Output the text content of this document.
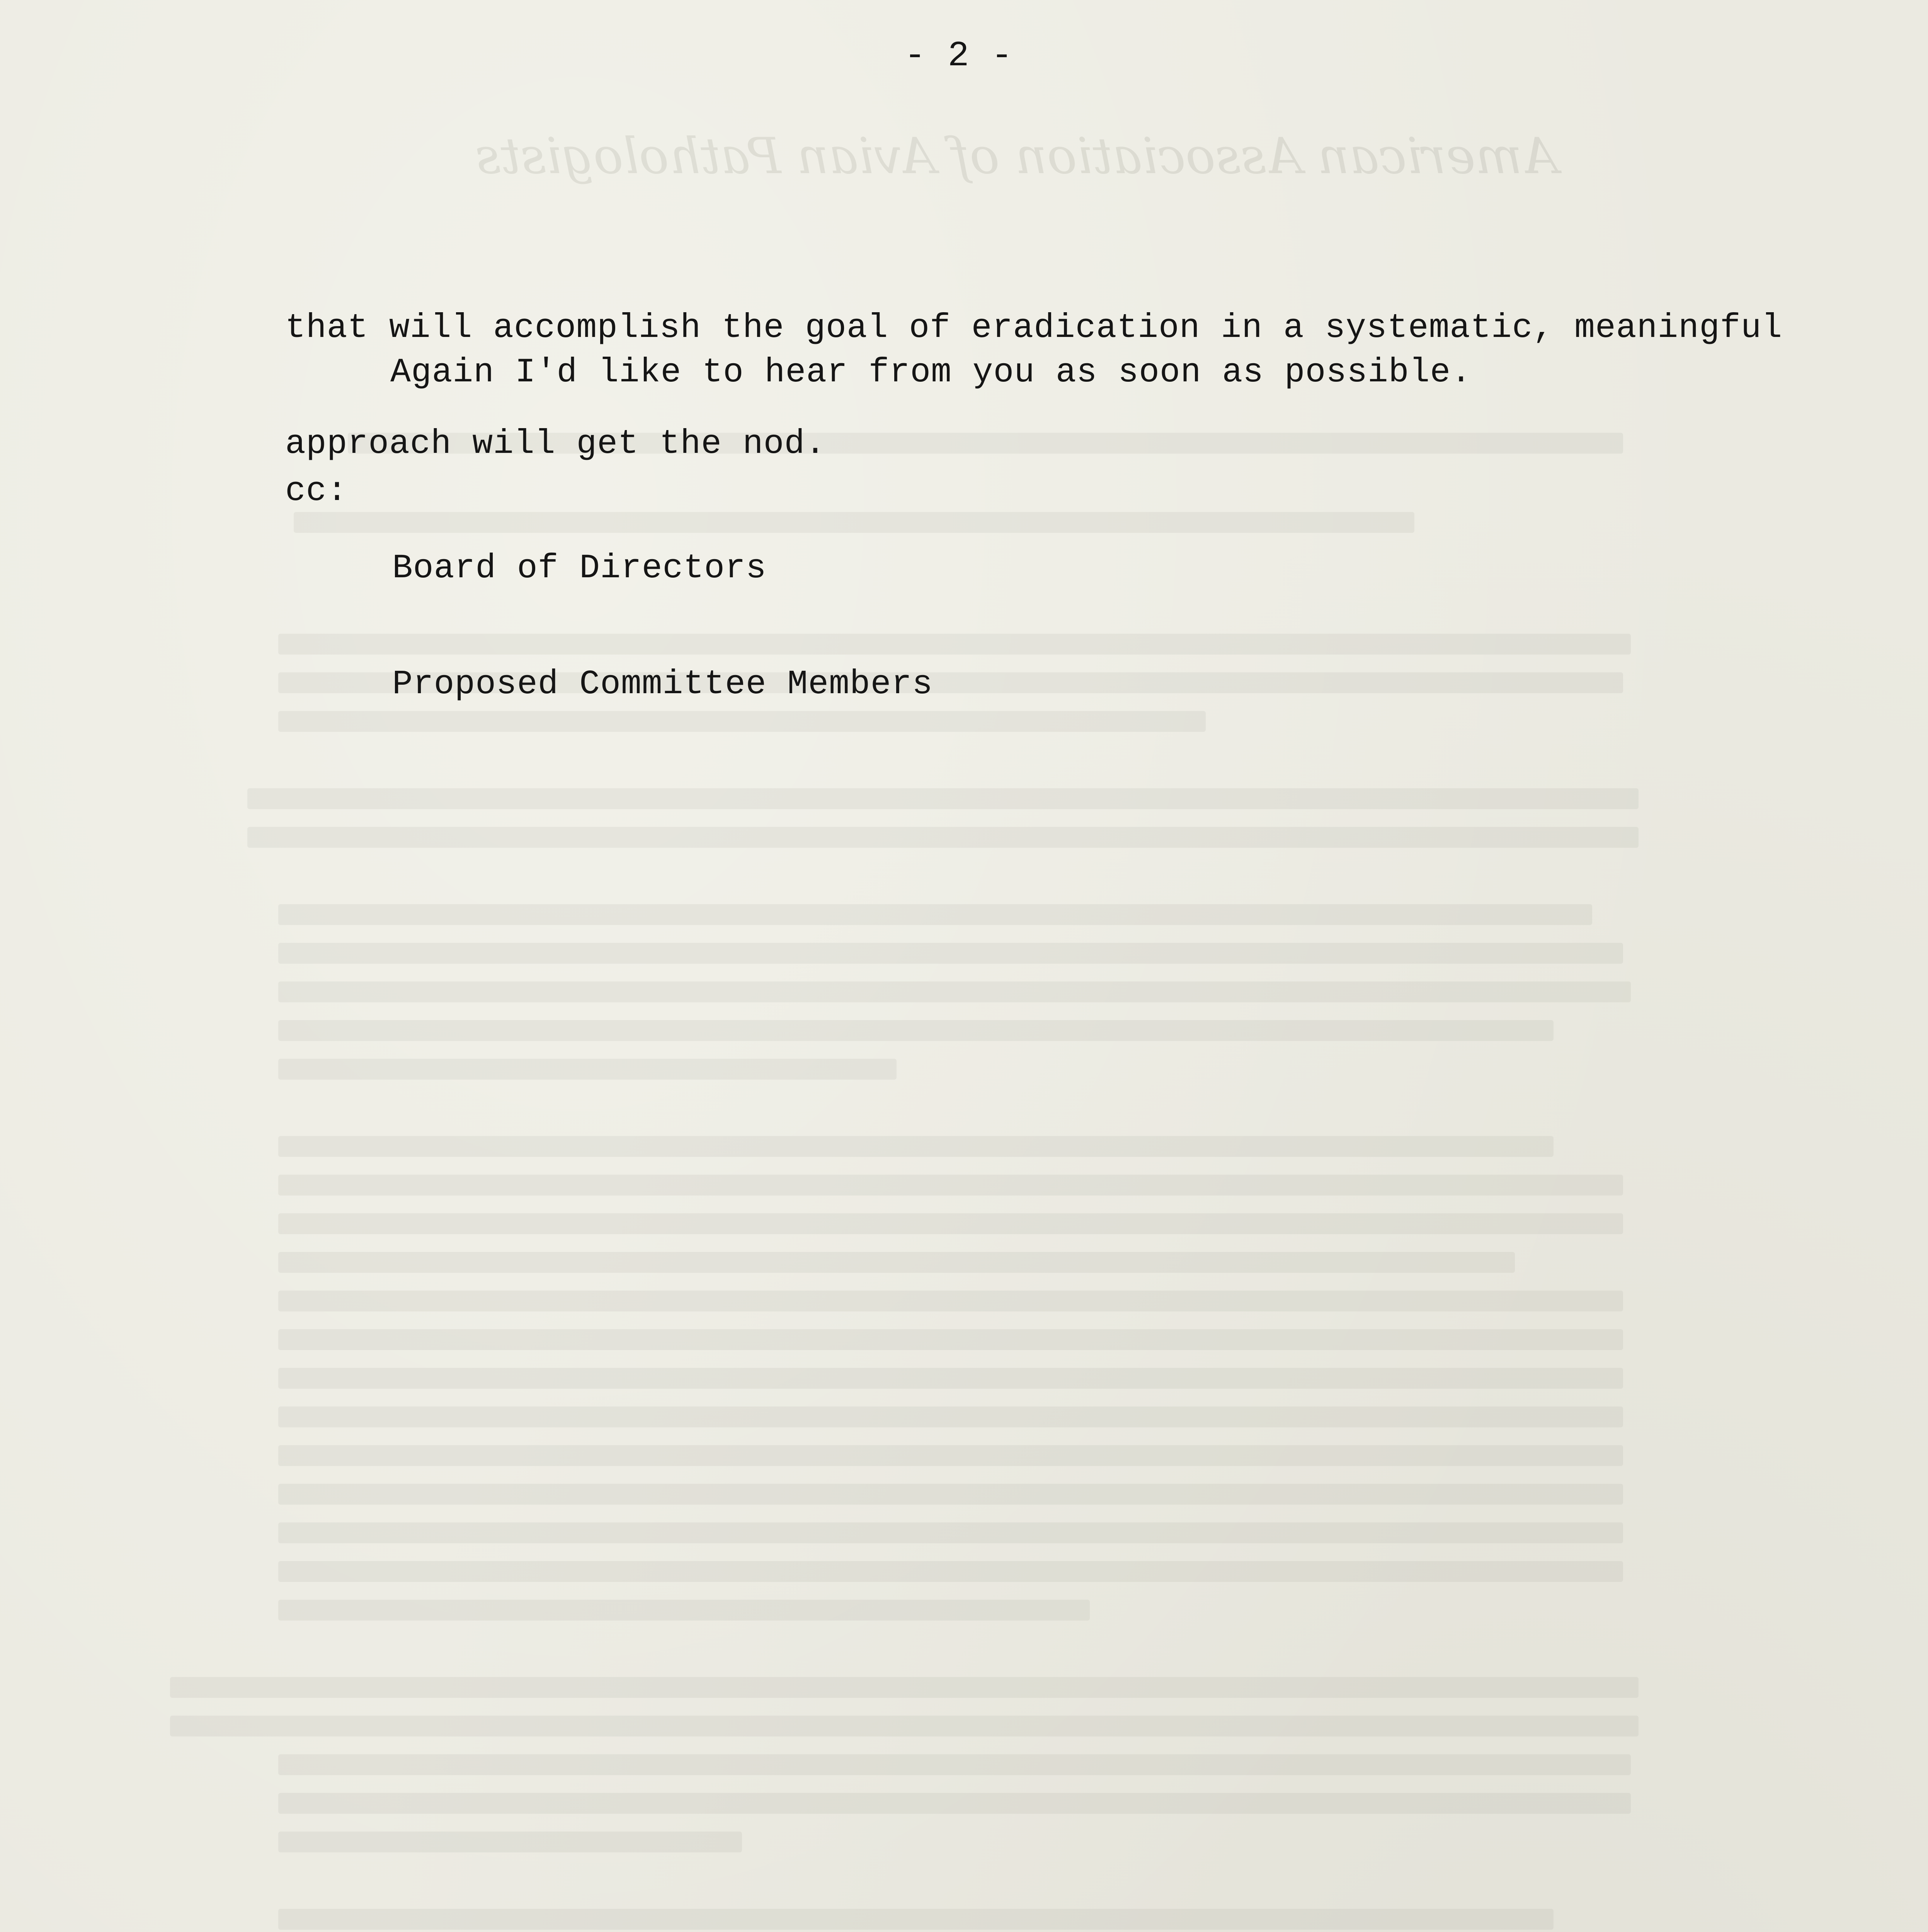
American Association of Avian Pathologists
- 2 -

that will accomplish the goal of eradication in a systematic, meaningful

approach will get the nod.

Again I'd like to hear from you as soon as possible.
cc:

Board of Directors

Proposed Committee Members
